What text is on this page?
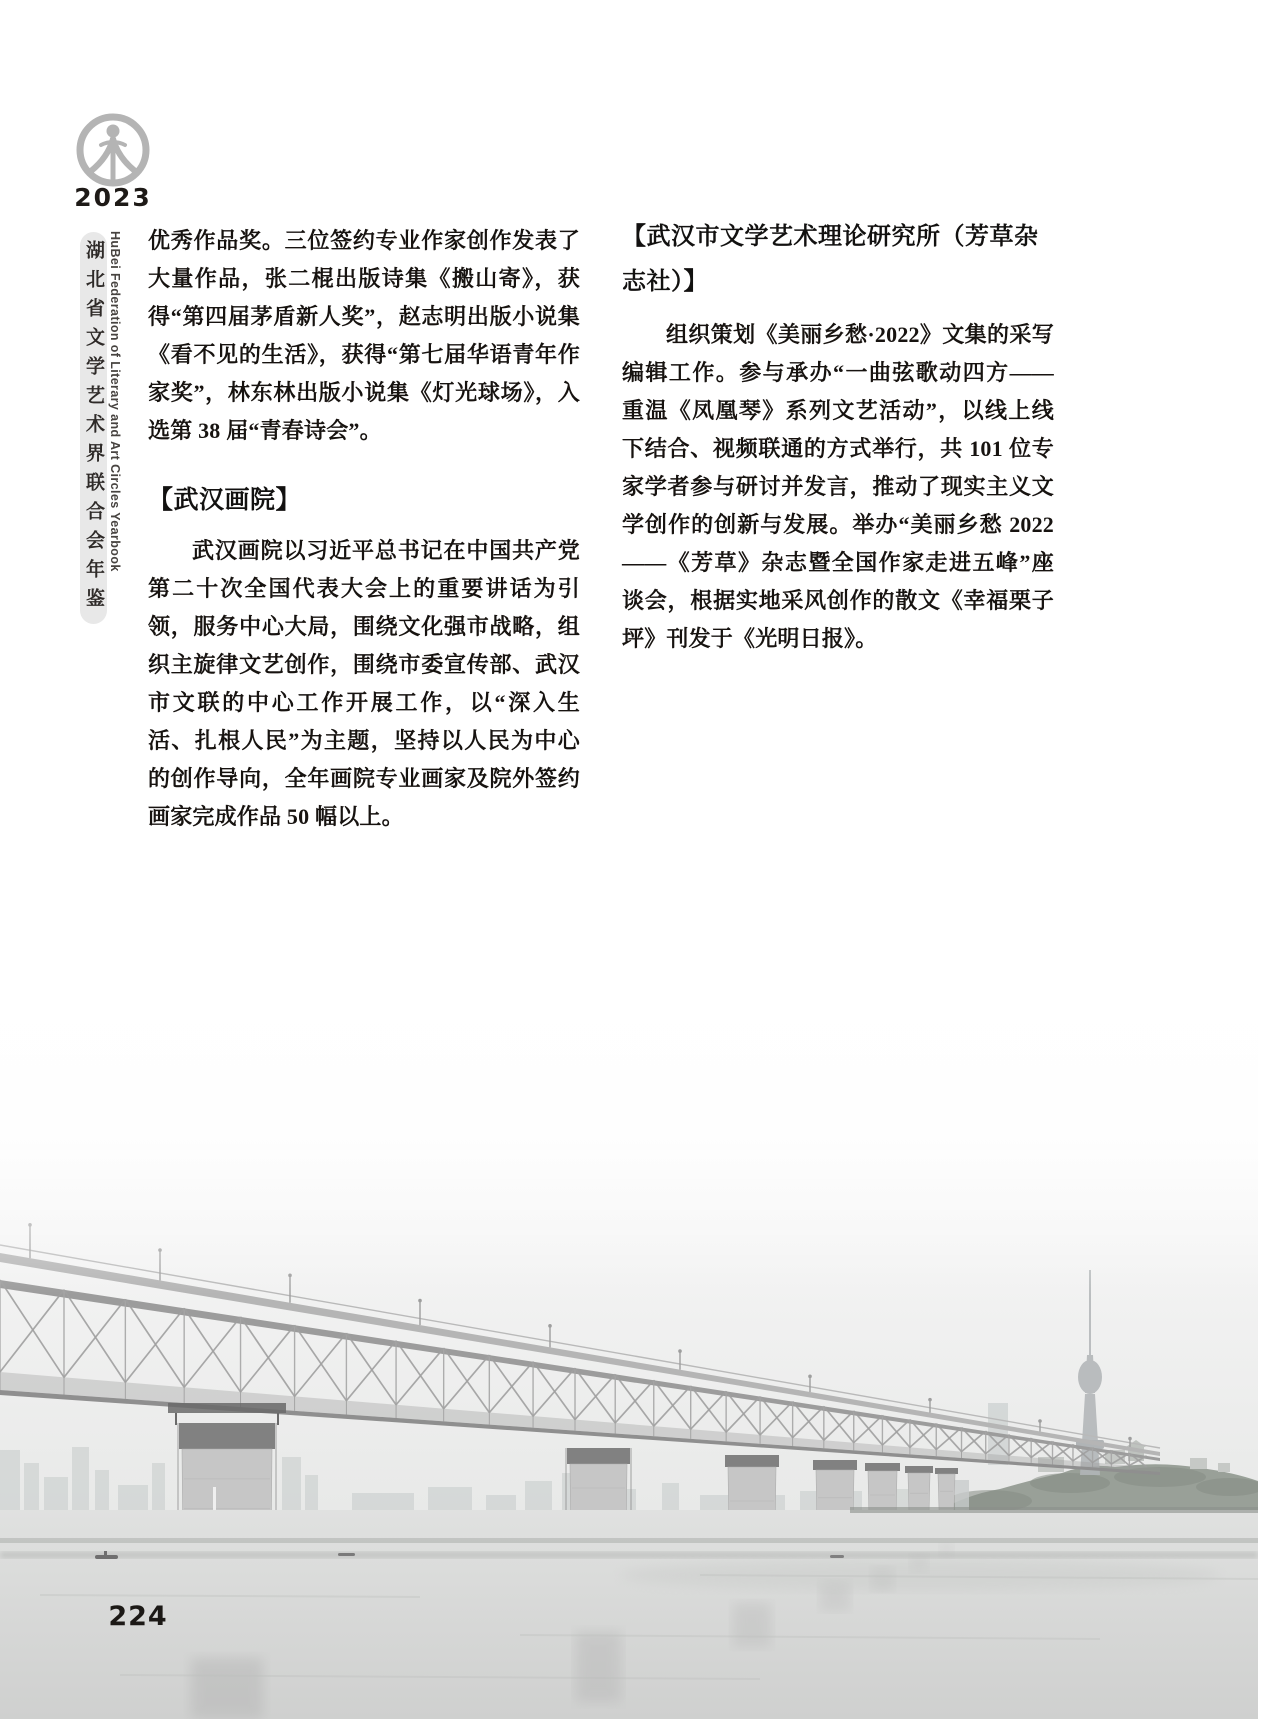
2023
湖北省文学艺术界联合会年鉴 HuBei Federation of Literary and Art Circles Yearbook 优秀作品奖。三位签约专业作家创作发表了大量作品，张二棍出版诗集《搬山寄》，获得“第四届茅盾新人奖”，赵志明出版小说集《看不见的生活》，获得“第七届华语青年作家奖”，林东林出版小说集《灯光球场》，入选第 38 届“青春诗会”。

【武汉画院】

武汉画院以习近平总书记在中国共产党第二十次全国代表大会上的重要讲话为引领，服务中心大局，围绕文化强市战略，组织主旋律文艺创作，围绕市委宣传部、武汉市文联的中心工作开展工作，以“深入生活、扎根人民”为主题，坚持以人民为中心的创作导向，全年画院专业画家及院外签约画家完成作品 50 幅以上。

【武汉市文学艺术理论研究所（芳草杂志社）】

组织策划《美丽乡愁·2022》文集的采写编辑工作。参与承办“一曲弦歌动四方——重温《凤凰琴》系列文艺活动”，以线上线下结合、视频联通的方式举行，共 101 位专家学者参与研讨并发言，推动了现实主义文学创作的创新与发展。举办“美丽乡愁 2022——《芳草》杂志暨全国作家走进五峰”座谈会，根据实地采风创作的散文《幸福栗子坪》刊发于《光明日报》。

224
